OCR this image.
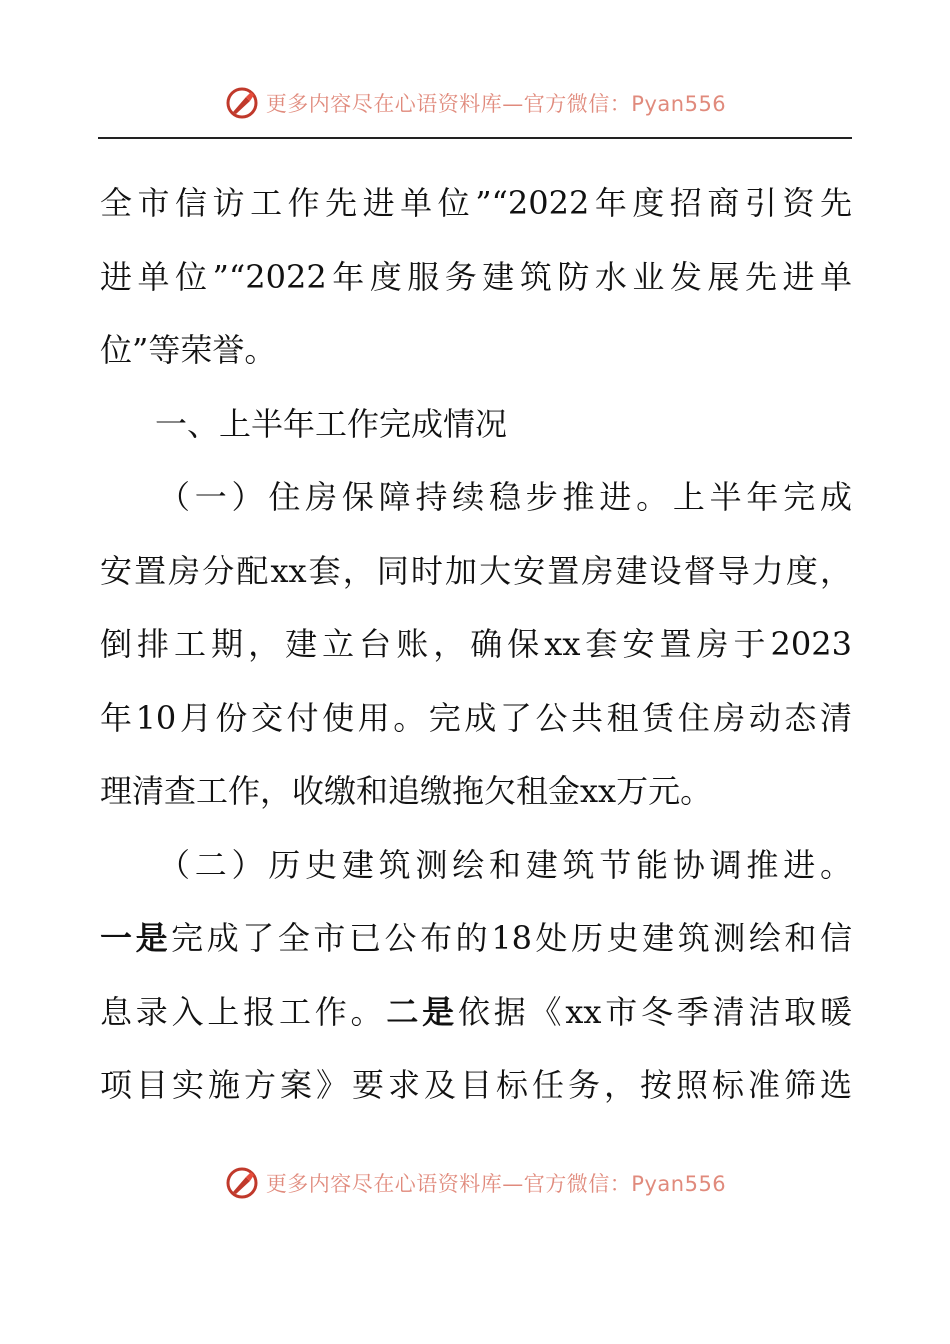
更多内容尽在心语资料库—官方微信：Pyan556
全市信访工作先进单位”“2022年度招商引资先
进单位”“2022年度服务建筑防水业发展先进单
位”等荣誉。
一、上半年工作完成情况
（一）住房保障持续稳步推进。上半年完成
安置房分配xx套，同时加大安置房建设督导力度，
倒排工期，建立台账，确保xx套安置房于2023
年10月份交付使用。完成了公共租赁住房动态清
理清查工作，收缴和追缴拖欠租金xx万元。
（二）历史建筑测绘和建筑节能协调推进。
一是完成了全市已公布的18处历史建筑测绘和信
息录入上报工作。二是依据《xx市冬季清洁取暖
项目实施方案》要求及目标任务，按照标准筛选
更多内容尽在心语资料库—官方微信：Pyan556
